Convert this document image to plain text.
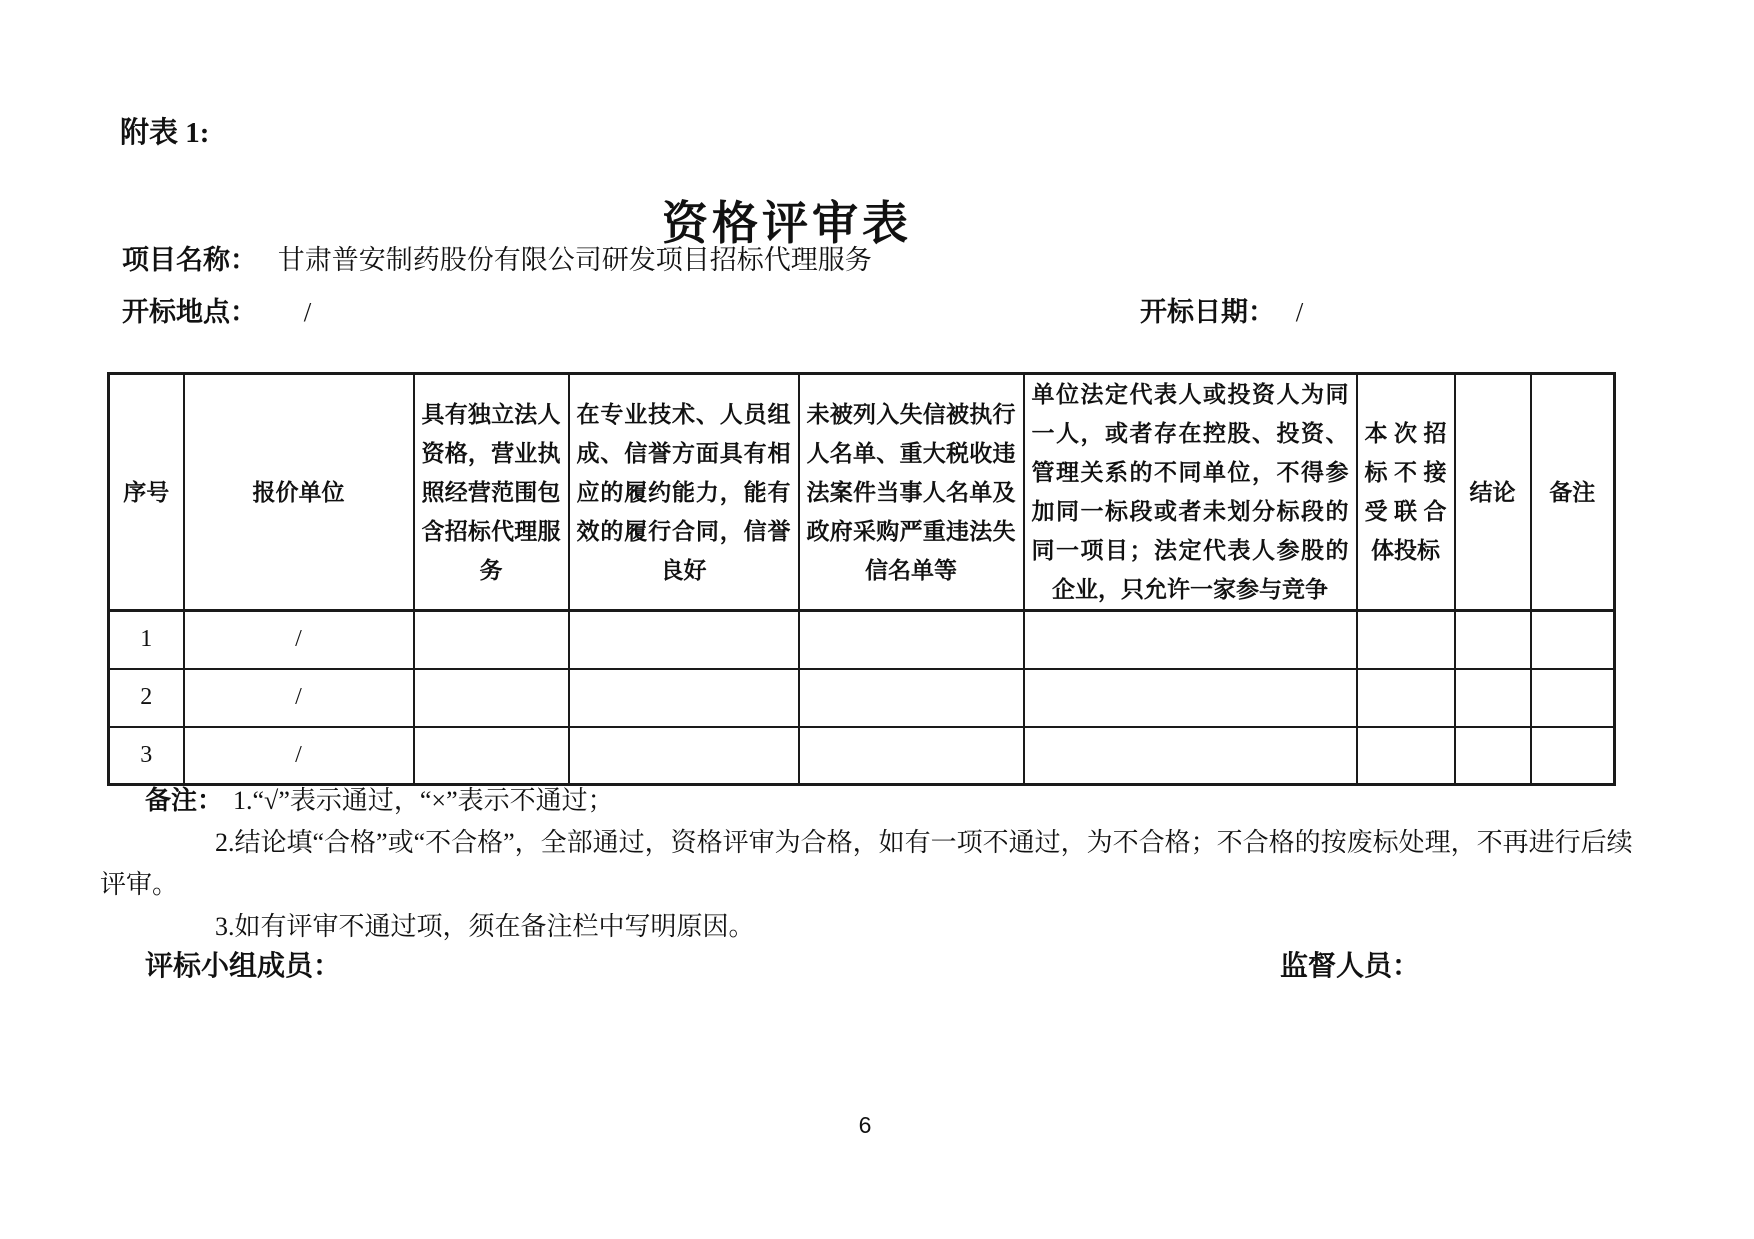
附表 1:
资格评审表
项目名称： 甘肃普安制药股份有限公司研发项目招标代理服务
开标地点： /	开标日期： /
序号	报价单位	具有独立法人资格，营业执照经营范围包含招标代理服务	在专业技术、人员组成、信誉方面具有相应的履约能力，能有效的履行合同，信誉良好	未被列入失信被执行人名单、重大税收违法案件当事人名单及政府采购严重违法失信名单等	单位法定代表人或投资人为同一人，或者存在控股、投资、管理关系的不同单位，不得参加同一标段或者未划分标段的同一项目；法定代表人参股的企业，只允许一家参与竞争	本次招标不接受联合体投标	结论	备注
1	/							
2	/							
3	/							
备注： 1.“√”表示通过，“×”表示不通过；
2.结论填“合格”或“不合格”，全部通过，资格评审为合格，如有一项不通过，为不合格；不合格的按废标处理，不再进行后续评审。
3.如有评审不通过项，须在备注栏中写明原因。
评标小组成员：	监督人员：
6
